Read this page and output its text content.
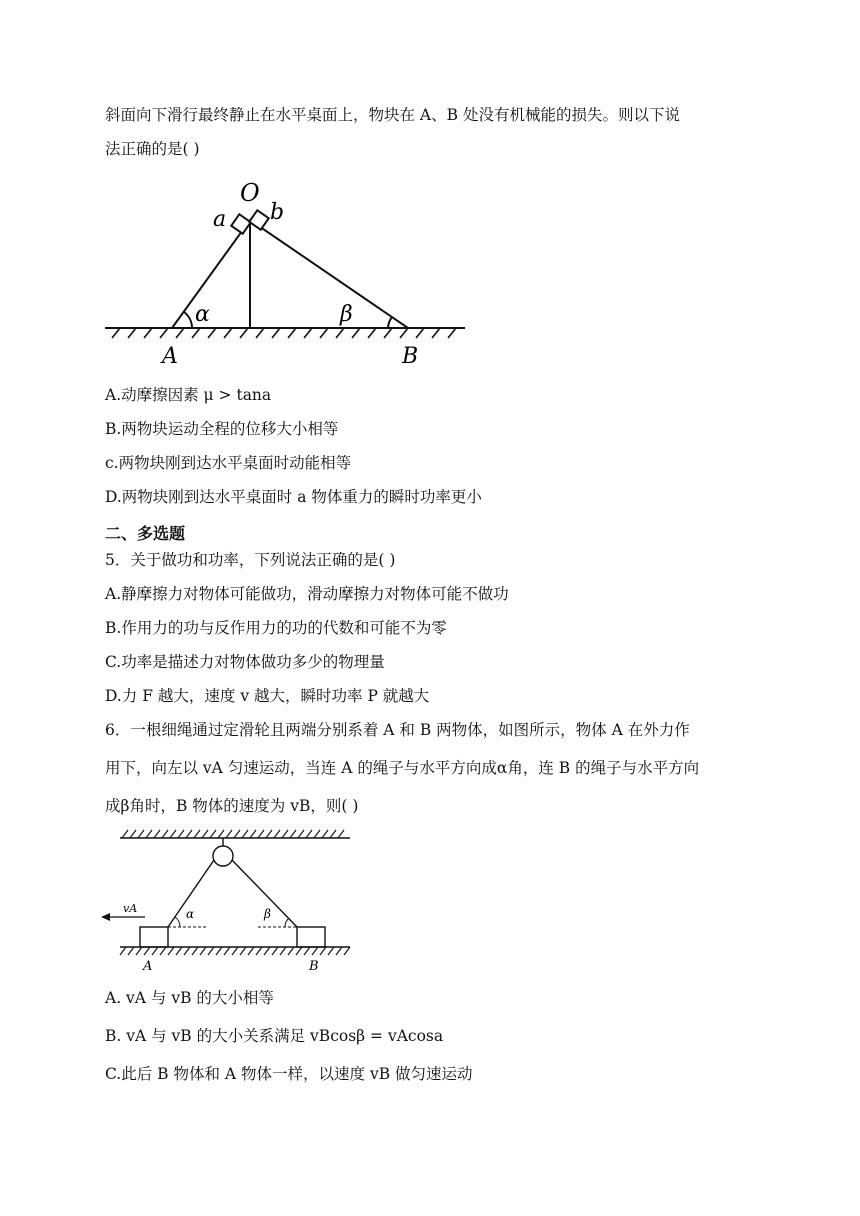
斜面向下滑行最终静止在水平桌面上，物块在 A、B 处没有机械能的损失。则以下说
法正确的是( )
O
a b
α	β
A	B
A.动摩擦因素 μ > tana
B.两物块运动全程的位移大小相等
c.两物块刚到达水平桌面时动能相等
D.两物块刚到达水平桌面时 a 物体重力的瞬时功率更小
二、多选题
5．关于做功和功率，下列说法正确的是( )
A.静摩擦力对物体可能做功，滑动摩擦力对物体可能不做功
B.作用力的功与反作用力的功的代数和可能不为零
C.功率是描述力对物体做功多少的物理量
D.力 F 越大，速度 v 越大，瞬时功率 P 就越大
6．一根细绳通过定滑轮且两端分别系着 A 和 B 两物体，如图所示，物体 A 在外力作
用下，向左以 vA 匀速运动，当连 A 的绳子与水平方向成α角，连 B 的绳子与水平方向
成β角时，B 物体的速度为 vB，则( )
vA	α	β
A	B
A. vA 与 vB 的大小相等
B. vA 与 vB 的大小关系满足 vBcosβ = vAcosa
C.此后 B 物体和 A 物体一样，以速度 vB 做匀速运动
